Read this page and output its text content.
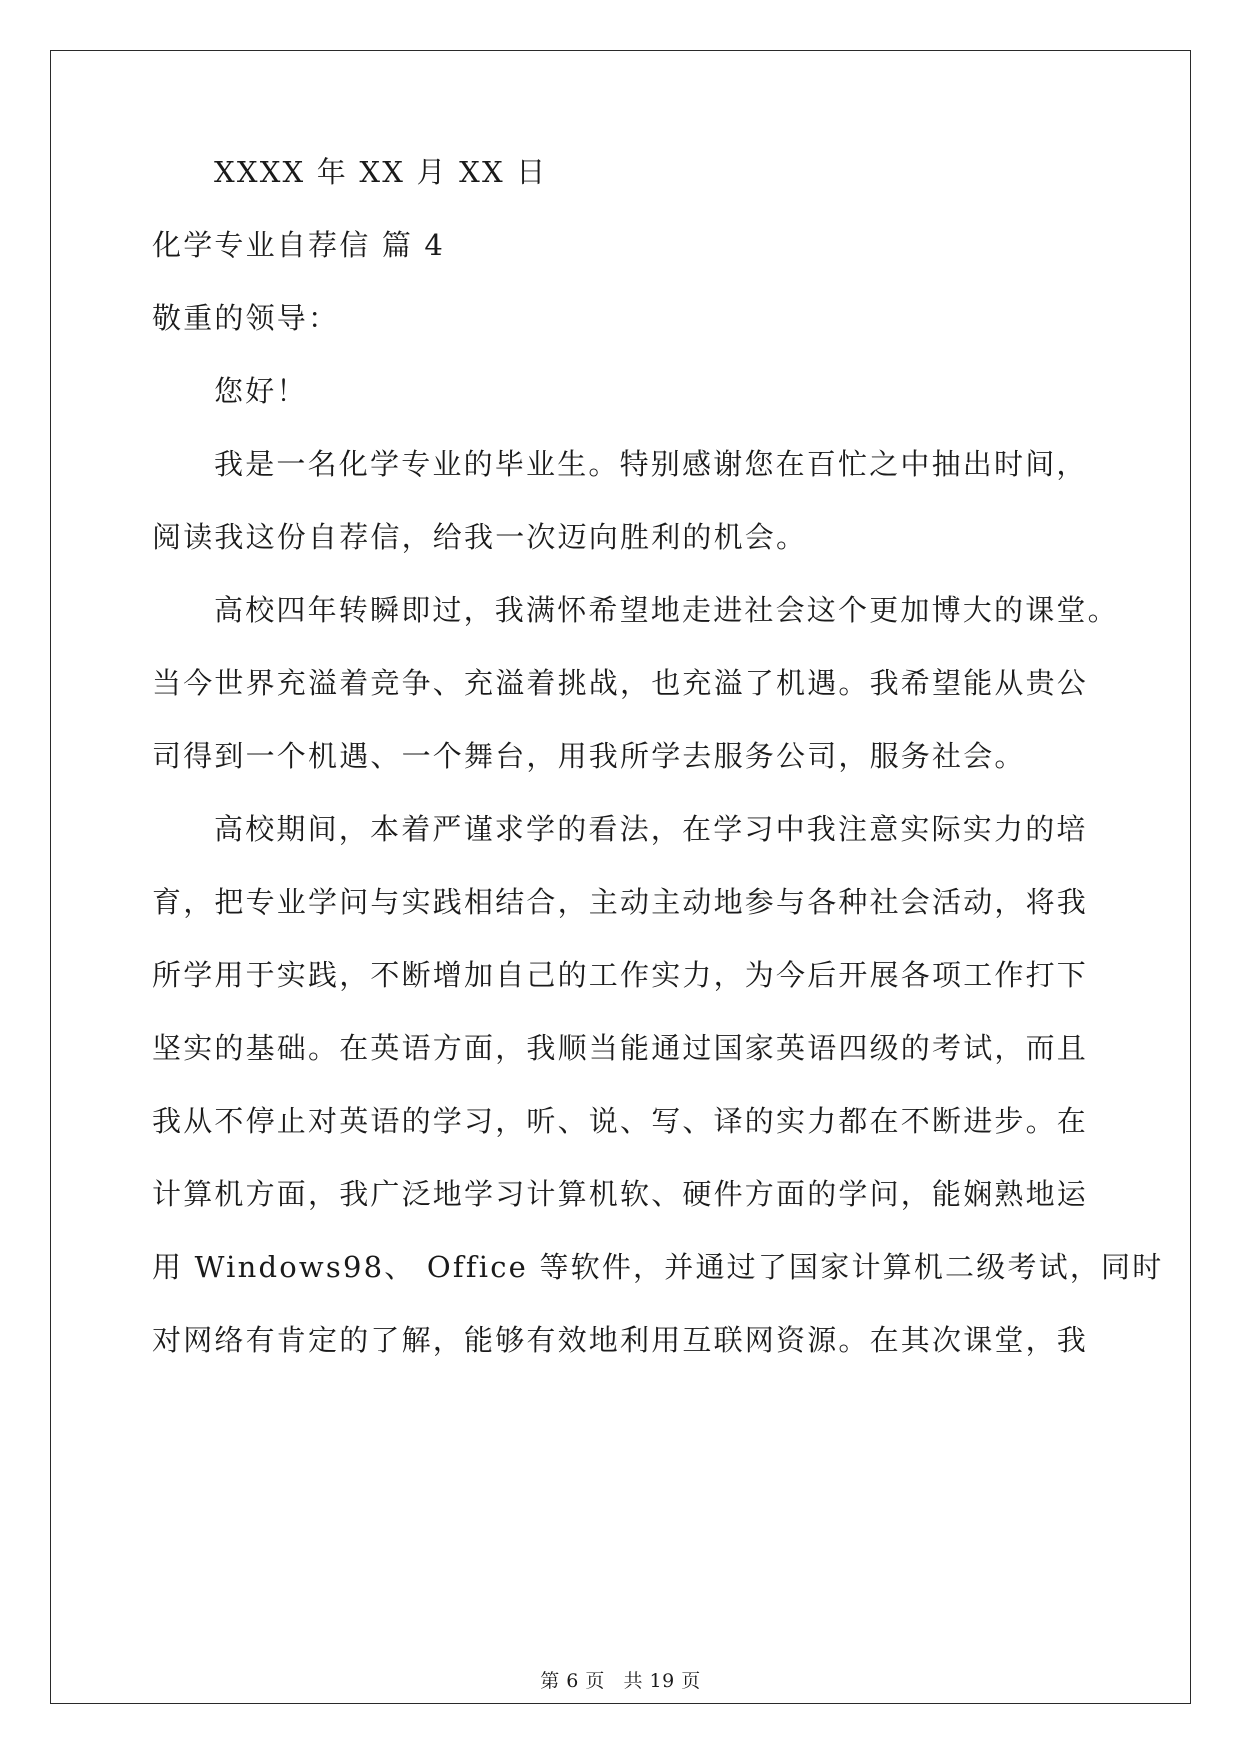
XXXX 年 XX 月 XX 日
化学专业自荐信 篇 4
敬重的领导：
您好！
我是一名化学专业的毕业生。特别感谢您在百忙之中抽出时间，
阅读我这份自荐信，给我一次迈向胜利的机会。
高校四年转瞬即过，我满怀希望地走进社会这个更加博大的课堂。
当今世界充溢着竞争、充溢着挑战，也充溢了机遇。我希望能从贵公
司得到一个机遇、一个舞台，用我所学去服务公司，服务社会。
高校期间，本着严谨求学的看法，在学习中我注意实际实力的培
育，把专业学问与实践相结合，主动主动地参与各种社会活动，将我
所学用于实践，不断增加自己的工作实力，为今后开展各项工作打下
坚实的基础。在英语方面，我顺当能通过国家英语四级的考试，而且
我从不停止对英语的学习，听、说、写、译的实力都在不断进步。在
计算机方面，我广泛地学习计算机软、硬件方面的学问，能娴熟地运
用 Windows98、 Office 等软件，并通过了国家计算机二级考试，同时
对网络有肯定的了解，能够有效地利用互联网资源。在其次课堂，我
第 6 页 共 19 页
